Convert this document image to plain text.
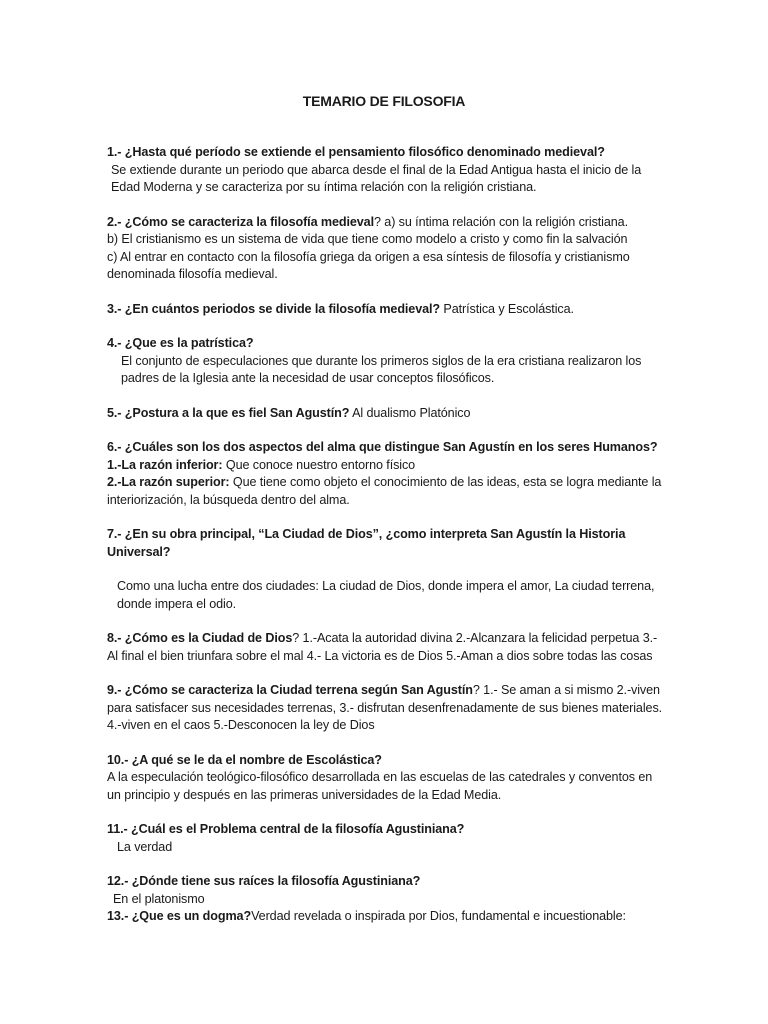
TEMARIO DE FILOSOFIA
1.- ¿Hasta qué período se extiende el pensamiento filosófico denominado medieval?
Se extiende durante un periodo que abarca desde el final de la Edad Antigua hasta el inicio de la Edad Moderna y se caracteriza por su íntima relación con la religión cristiana.
2.- ¿Cómo se caracteriza la filosofía medieval? a) su íntima relación con la religión cristiana.
b) El cristianismo es un sistema de vida que tiene como modelo a cristo y como fin la salvación
c) Al entrar en contacto con la filosofía griega da origen a esa síntesis de filosofía y cristianismo denominada filosofía medieval.
3.- ¿En cuántos periodos se divide la filosofía medieval? Patrística y Escolástica.
4.- ¿Que es la patrística?
El conjunto de especulaciones que durante los primeros siglos de la era cristiana realizaron los padres de la Iglesia ante la necesidad de usar conceptos filosóficos.
5.- ¿Postura a la que es fiel San Agustín? Al dualismo Platónico
6.- ¿Cuáles son los dos aspectos del alma que distingue San Agustín en los seres Humanos?
1.-La razón inferior: Que conoce nuestro entorno físico
2.-La razón superior: Que tiene como objeto el conocimiento de las ideas, esta se logra mediante la interiorización, la búsqueda dentro del alma.
7.- ¿En su obra principal, “La Ciudad de Dios”, ¿como interpreta San Agustín la Historia Universal?
Como una lucha entre dos ciudades: La ciudad de Dios, donde impera el amor, La ciudad terrena, donde impera el odio.
8.- ¿Cómo es la Ciudad de Dios? 1.-Acata la autoridad divina 2.-Alcanzara la felicidad perpetua 3.- Al final el bien triunfara sobre el mal 4.- La victoria es de Dios 5.-Aman a dios sobre todas las cosas
9.- ¿Cómo se caracteriza la Ciudad terrena según San Agustín? 1.- Se aman a si mismo 2.-viven para satisfacer sus necesidades terrenas, 3.- disfrutan desenfrenadamente de sus bienes materiales. 4.-viven en el caos 5.-Desconocen la ley de Dios
10.- ¿A qué se le da el nombre de Escolástica?
A la especulación teológico-filosófico desarrollada en las escuelas de las catedrales y conventos en un principio y después en las primeras universidades de la Edad Media.
11.- ¿Cuál es el Problema central de la filosofía Agustiniana?
La verdad
12.- ¿Dónde tiene sus raíces la filosofía Agustiniana?
En el platonismo
13.- ¿Que es un dogma?Verdad revelada o inspirada por Dios, fundamental e incuestionable:
